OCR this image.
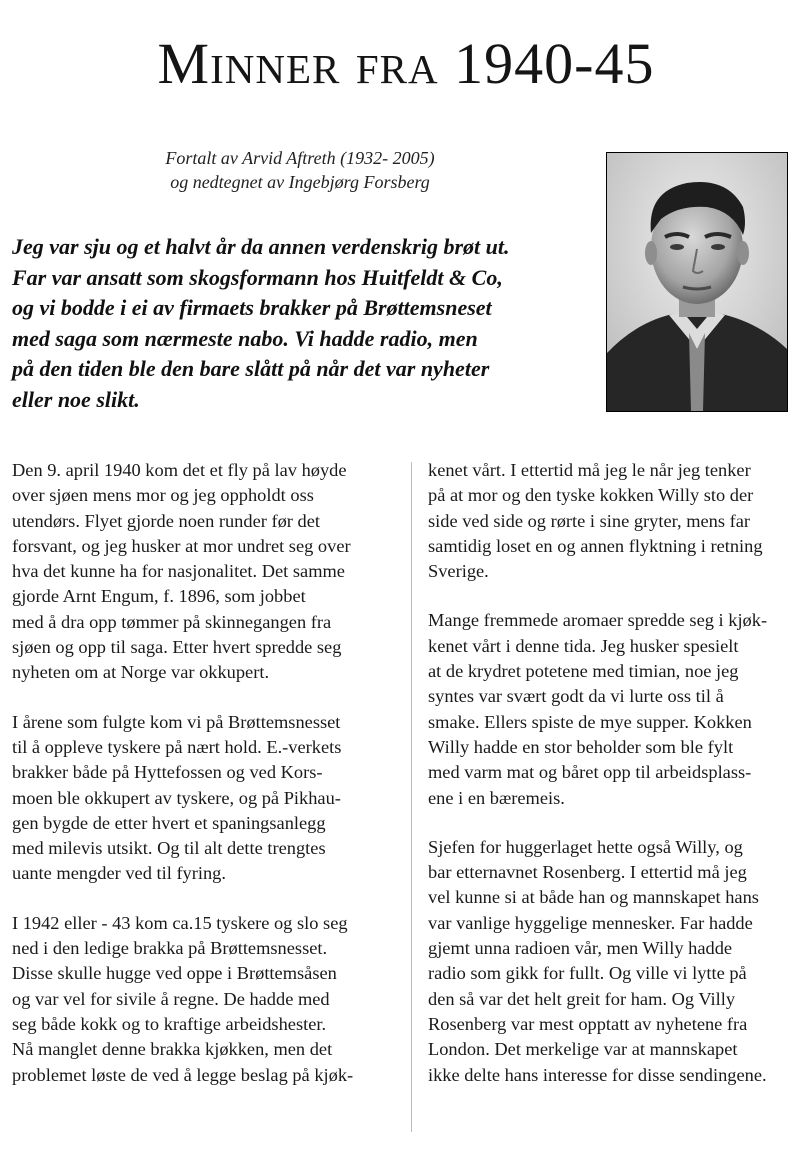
Minner fra 1940-45
Fortalt av Arvid Aftreth (1932- 2005)
og nedtegnet av Ingebjørg Forsberg
Jeg var sju og et halvt år da annen verdenskrig brøt ut.
Far var ansatt som skogsformann hos Huitfeldt & Co,
og vi bodde i ei av firmaets brakker på Brøttemsneset
med saga som nærmeste nabo. Vi hadde radio, men
på den tiden ble den bare slått på når det var nyheter
eller noe slikt.
Den 9. april 1940 kom det et fly på lav høyde
over sjøen mens mor og jeg oppholdt oss
utendørs. Flyet gjorde noen runder før det
forsvant, og jeg husker at mor undret seg over
hva det kunne ha for nasjonalitet. Det samme
gjorde Arnt Engum, f. 1896, som jobbet
med å dra opp tømmer på skinnegangen fra
sjøen og opp til saga. Etter hvert spredde seg
nyheten om at Norge var okkupert.
I årene som fulgte kom vi på Brøttemsnesset
til å oppleve tyskere på nært hold. E.-verkets
brakker både på Hyttefossen og ved Kors-
moen ble okkupert av tyskere, og på Pikhau-
gen bygde de etter hvert et spaningsanlegg
med milevis utsikt. Og til alt dette trengtes
uante mengder ved til fyring.
I 1942 eller - 43 kom ca.15 tyskere og slo seg
ned i den ledige brakka på Brøttemsnesset.
Disse skulle hugge ved oppe i Brøttemsåsen
og var vel for sivile å regne. De hadde med
seg både kokk og to kraftige arbeidshester.
Nå manglet denne brakka kjøkken, men det
problemet løste de ved å legge beslag på kjøk-
kenet vårt. I ettertid må jeg le når jeg tenker
på at mor og den tyske kokken Willy sto der
side ved side og rørte i sine gryter, mens far
samtidig loset en og annen flyktning i retning
Sverige.
Mange fremmede aromaer spredde seg i kjøk-
kenet vårt i denne tida. Jeg husker spesielt
at de krydret potetene med timian, noe jeg
syntes var svært godt da vi lurte oss til å
smake. Ellers spiste de mye supper. Kokken
Willy hadde en stor beholder som ble fylt
med varm mat og båret opp til arbeidsplass-
ene i en bæremeis.
Sjefen for huggerlaget hette også Willy, og
bar etternavnet Rosenberg. I ettertid må jeg
vel kunne si at både han og mannskapet hans
var vanlige hyggelige mennesker. Far hadde
gjemt unna radioen vår, men Willy hadde
radio som gikk for fullt. Og ville vi lytte på
den så var det helt greit for ham. Og Villy
Rosenberg var mest opptatt av nyhetene fra
London. Det merkelige var at mannskapet
ikke delte hans interesse for disse sendingene.
